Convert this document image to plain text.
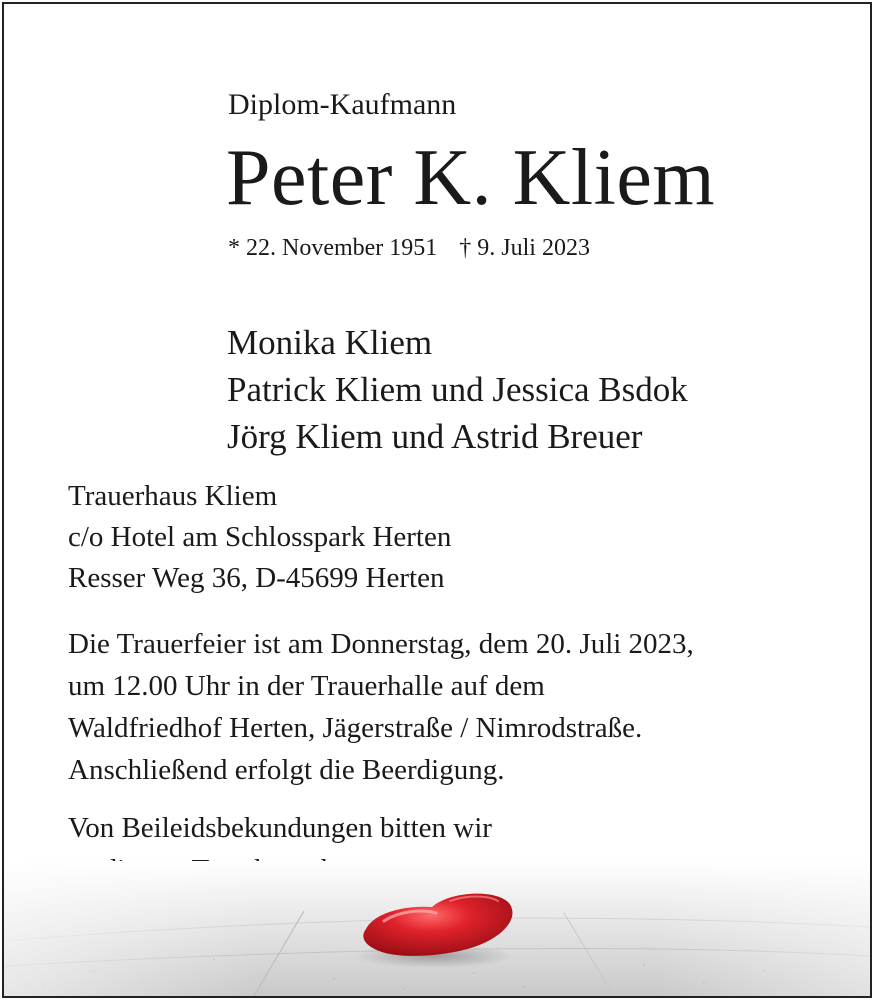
Diplom-Kaufmann
Peter K. Kliem
* 22. November 1951 † 9. Juli 2023
Monika Kliem
Patrick Kliem und Jessica Bsdok
Jörg Kliem und Astrid Breuer
Trauerhaus Kliem
c/o Hotel am Schlosspark Herten
Resser Weg 36, D-45699 Herten
Die Trauerfeier ist am Donnerstag, dem 20. Juli 2023,
um 12.00 Uhr in der Trauerhalle auf dem
Waldfriedhof Herten, Jägerstraße / Nimrodstraße.
Anschließend erfolgt die Beerdigung.
Von Beileidsbekundungen bitten wir
